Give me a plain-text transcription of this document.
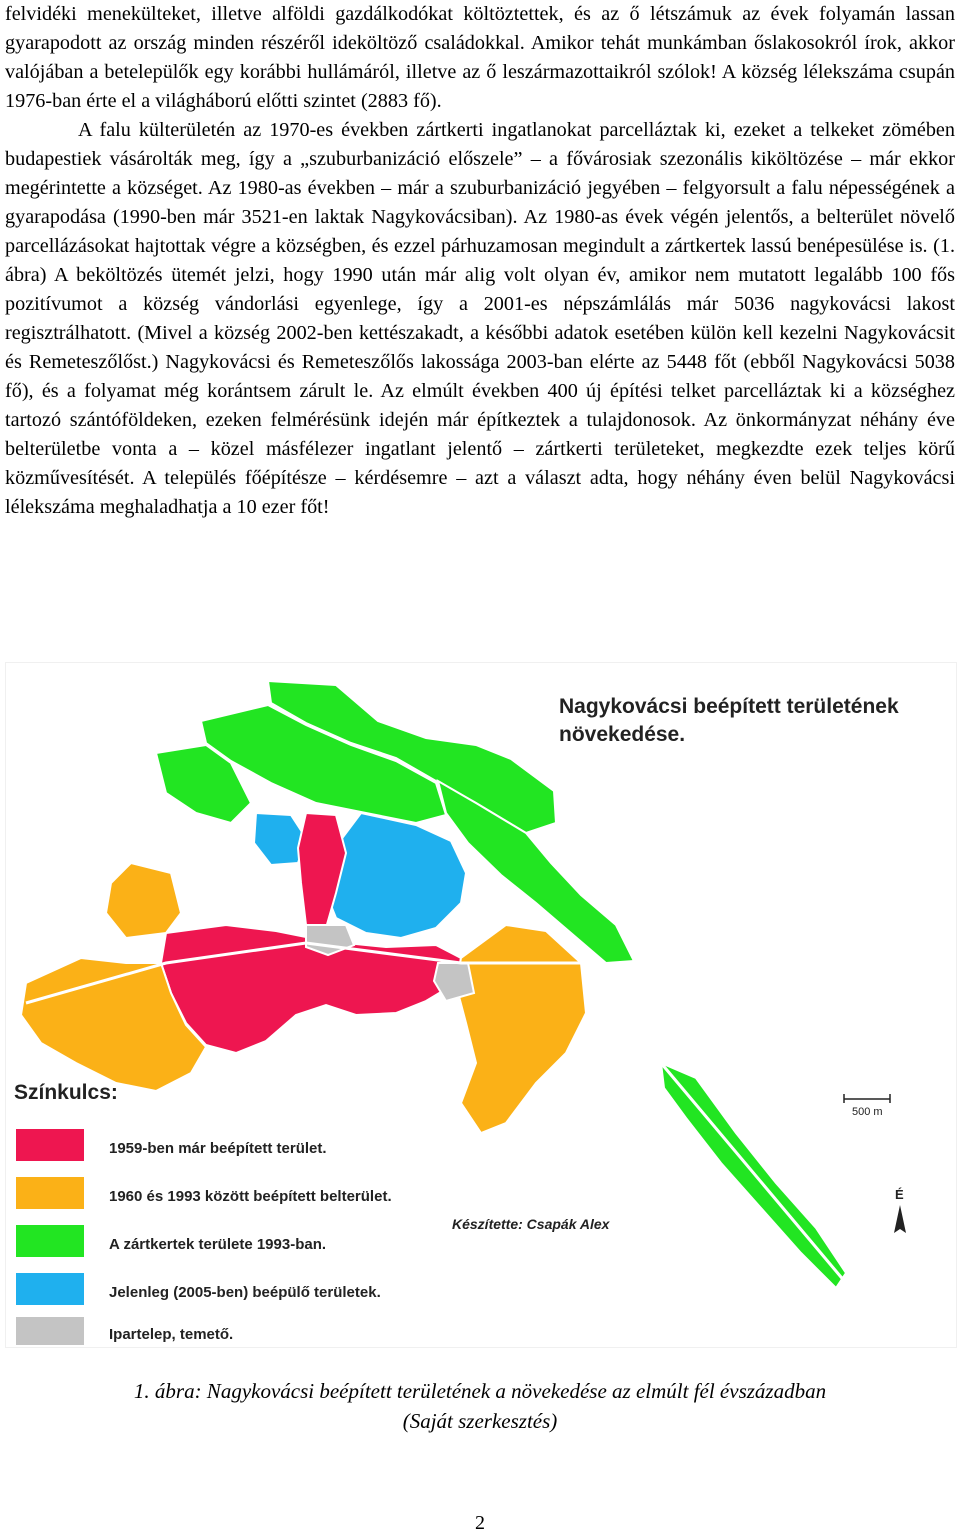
felvidéki menekülteket, illetve alföldi gazdálkodókat költöztettek, és az ő létszámuk az évek folyamán lassan gyarapodott az ország minden részéről ideköltöző családokkal. Amikor tehát munkámban őslakosokról írok, akkor valójában a betelepülők egy korábbi hullámáról, illetve az ő leszármazottaikról szólok! A község lélekszáma csupán 1976-ban érte el a világháború előtti szintet (2883 fő).

A falu külterületén az 1970-es években zártkerti ingatlanokat parcelláztak ki, ezeket a telkeket zömében budapestiek vásárolták meg, így a „szuburbanizáció előszele” – a fővárosiak szezonális kiköltözése – már ekkor megérintette a községet. Az 1980-as években – már a szuburbanizáció jegyében – felgyorsult a falu népességének a gyarapodása (1990-ben már 3521-en laktak Nagykovácsiban). Az 1980-as évek végén jelentős, a belterület növelő parcellázásokat hajtottak végre a községben, és ezzel párhuzamosan megindult a zártkertek lassú benépesülése is. (1. ábra) A beköltözés ütemét jelzi, hogy 1990 után már alig volt olyan év, amikor nem mutatott legalább 100 fős pozitívumot a község vándorlási egyenlege, így a 2001-es népszámlálás már 5036 nagykovácsi lakost regisztrálhatott. (Mivel a község 2002-ben kettészakadt, a későbbi adatok esetében külön kell kezelni Nagykovácsit és Remeteszőlőst.) Nagykovácsi és Remeteszőlős lakossága 2003-ban elérte az 5448 főt (ebből Nagykovácsi 5038 fő), és a folyamat még korántsem zárult le. Az elmúlt években 400 új építési telket parcelláztak ki a községhez tartozó szántóföldeken, ezeken felmérésünk idején már építkeztek a tulajdonosok. Az önkormányzat néhány éve belterületbe vonta a – közel másfélezer ingatlant jelentő – zártkerti területeket, megkezdte ezek teljes körű közművesítését. A település főépítésze – kérdésemre – azt a választ adta, hogy néhány éven belül Nagykovácsi lélekszáma meghaladhatja a 10 ezer főt!

Nagykovácsi beépített területének
növekedése.
Színkulcs:
1959-ben már beépített terület.
1960 és 1993 között beépített belterület.
A zártkertek területe 1993-ban.
Jelenleg (2005-ben) beépülő területek.
Ipartelep, temető.
Készítette: Csapák Alex
500 m
É
1. ábra: Nagykovácsi beépített területének a növekedése az elmúlt fél évszázadban
(Saját szerkesztés)
2
